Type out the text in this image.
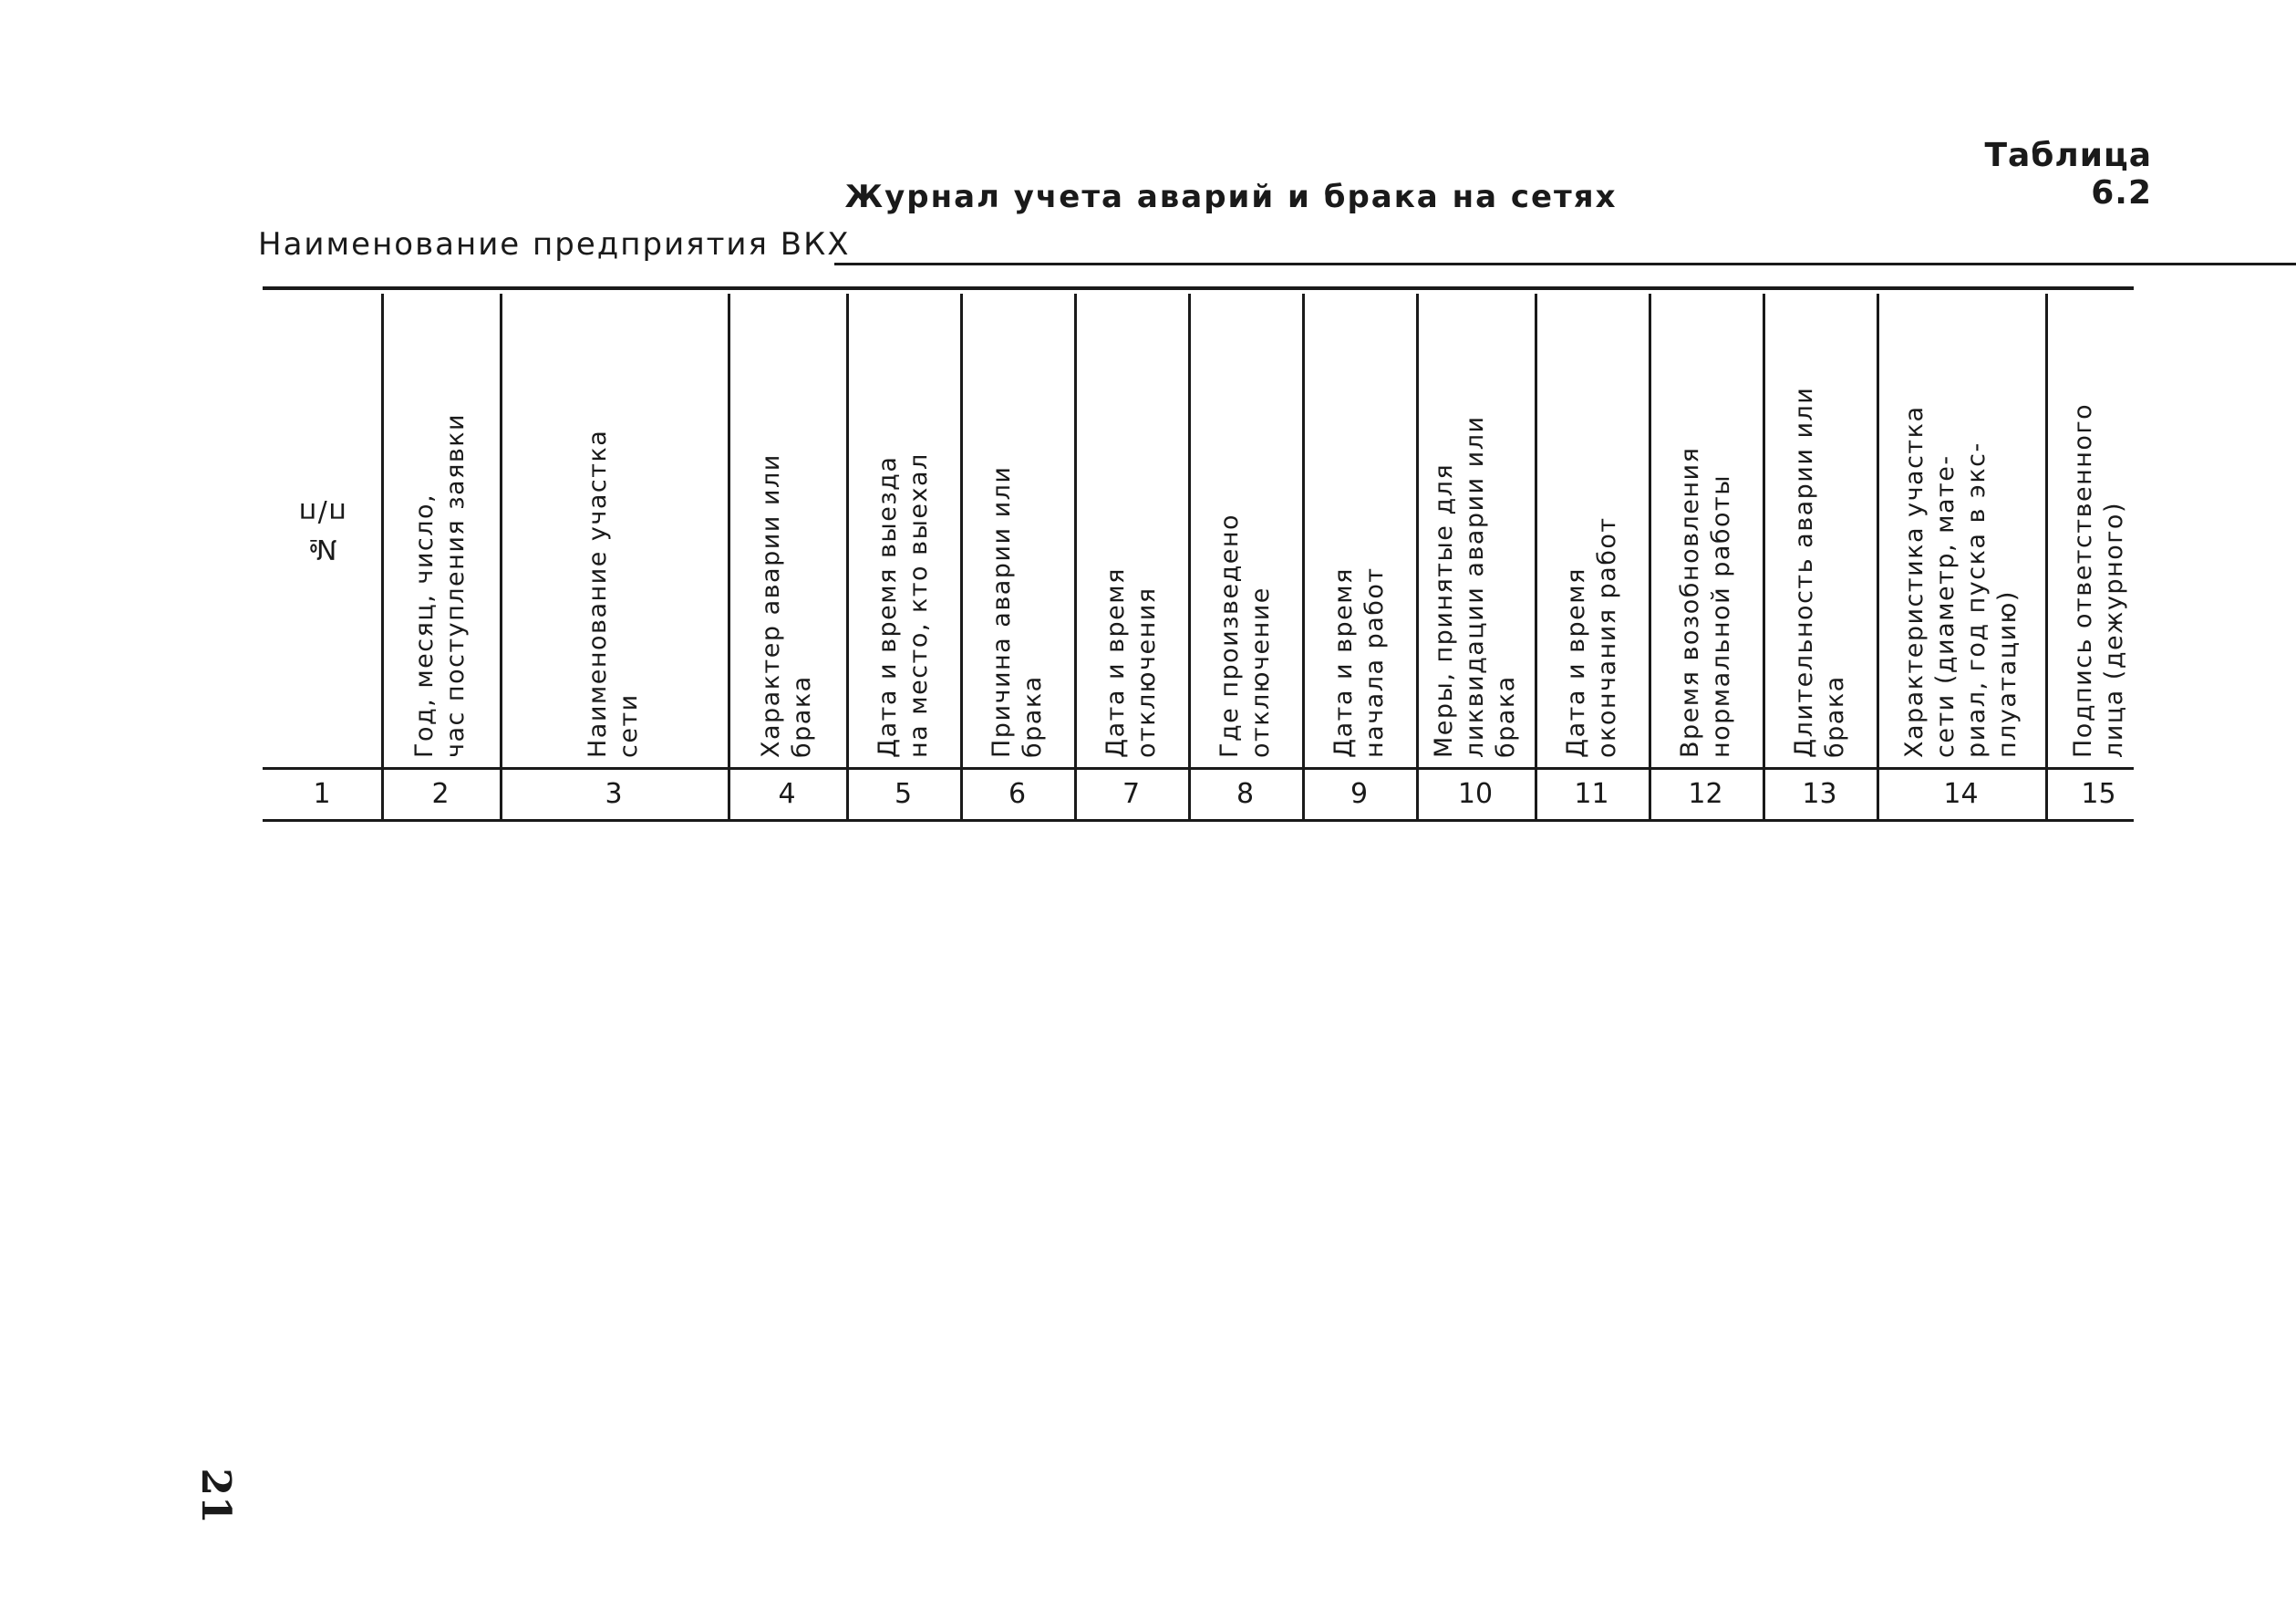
Таблица 6.2
Журнал учета аварий и брака на сетях
Наименование предприятия ВКХ
№
п/п
1
Год, месяц, число,
час поступления заявки
2
Наименование участка
сети
3
Характер аварии или
брака
4
Дата и время выезда
на место, кто выехал
5
Причина аварии или
брака
6
Дата и время
отключения
7
Где произведено
отключение
8
Дата и время
начала работ
9
Меры, принятые для
ликвидации аварии или
брака
10
Дата и время
окончания работ
11
Время возобновления
нормальной работы
12
Длительность аварии или
брака
13
Характеристика участка
сети (диаметр, мате-
риал, год пуска в экс-
плуатацию)
14
Подпись ответственного
лица (дежурного)
15
21
